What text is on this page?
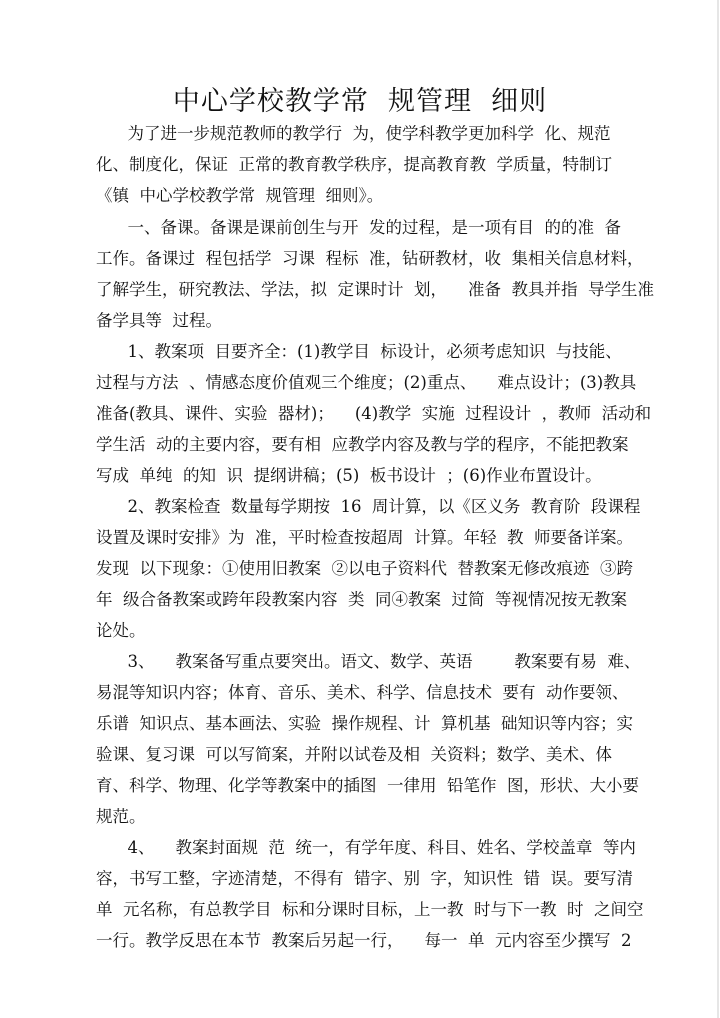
中心学校教学常  规管理  细则
为了进一步规范教师的教学行  为，使学科教学更加科学  化、规范
化、制度化，保证  正常的教育教学秩序，提高教育教  学质量，特制订
《镇  中心学校教学常  规管理  细则》。
一、备课。备课是课前创生与开  发的过程，是一项有目  的的准  备
工作。备课过  程包括学  习课  程标  准，钻研教材，收  集相关信息材料，
了解学生，研究教法、学法，拟  定课时计  划，    准备  教具并指  导学生准
备学具等  过程。
1、教案项  目要齐全：(1)教学目  标设计，必须考虑知识  与技能、
过程与方法  、情感态度价值观三个维度；(2)重点、    难点设计；(3)教具
准备(教具、课件、实验  器材)；    (4)教学  实施  过程设计  ，教师  活动和
学生活  动的主要内容，要有相  应教学内容及教与学的程序，不能把教案
写成  单纯  的知  识  提纲讲稿；(5)  板书设计  ；(6)作业布置设计。
2、教案检查  数量每学期按  16  周计算，以《区义务  教育阶  段课程
设置及课时安排》为  准，平时检查按超周  计算。年轻  教  师要备详案。
发现  以下现象：①使用旧教案  ②以电子资料代  替教案无修改痕迹  ③跨
年  级合备教案或跨年段教案内容  类  同④教案  过简  等视情况按无教案
论处。
3、    教案备写重点要突出。语文、数学、英语        教案要有易  难、
易混等知识内容；体育、音乐、美术、科学、信息技术  要有  动作要领、
乐谱  知识点、基本画法、实验  操作规程、计  算机基  础知识等内容；实
验课、复习课  可以写简案，并附以试卷及相  关资料；数学、美术、体
育、科学、物理、化学等教案中的插图  一律用  铅笔作  图，形状、大小要
规范。
4、    教案封面规  范  统一，有学年度、科目、姓名、学校盖章  等内
容，书写工整，字迹清楚，不得有  错字、别  字，知识性  错  误。要写清
单  元名称，有总教学目  标和分课时目标，上一教  时与下一教  时  之间空
一行。教学反思在本节  教案后另起一行，    每一  单  元内容至少撰写  2
